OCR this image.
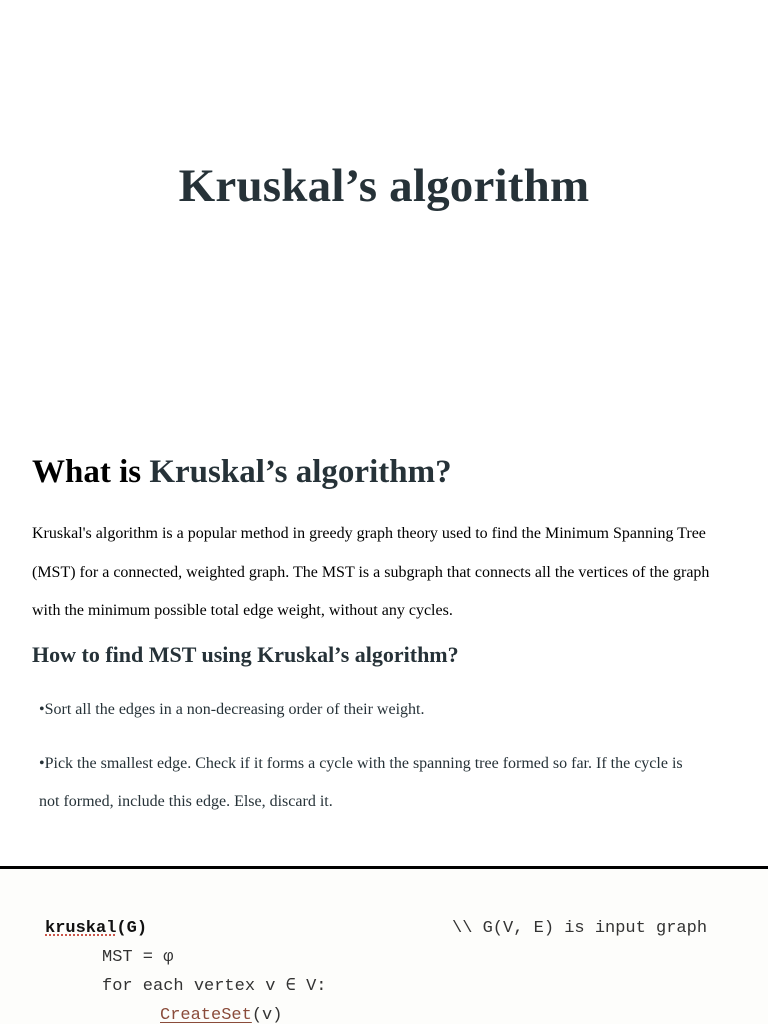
Kruskal’s algorithm
What is Kruskal’s algorithm?

Kruskal's algorithm is a popular method in greedy graph theory used to find the Minimum Spanning Tree (MST) for a connected, weighted graph. The MST is a subgraph that connects all the vertices of the graph with the minimum possible total edge weight, without any cycles.

How to find MST using Kruskal’s algorithm?
•Sort all the edges in a non-decreasing order of their weight.
•Pick the smallest edge. Check if it forms a cycle with the spanning tree formed so far. If the cycle is not formed, include this edge. Else, discard it.
kruskal(G)	\\ G(V, E) is input graph
MST = φ
for each vertex v ∈ V:
CreateSet(v)
